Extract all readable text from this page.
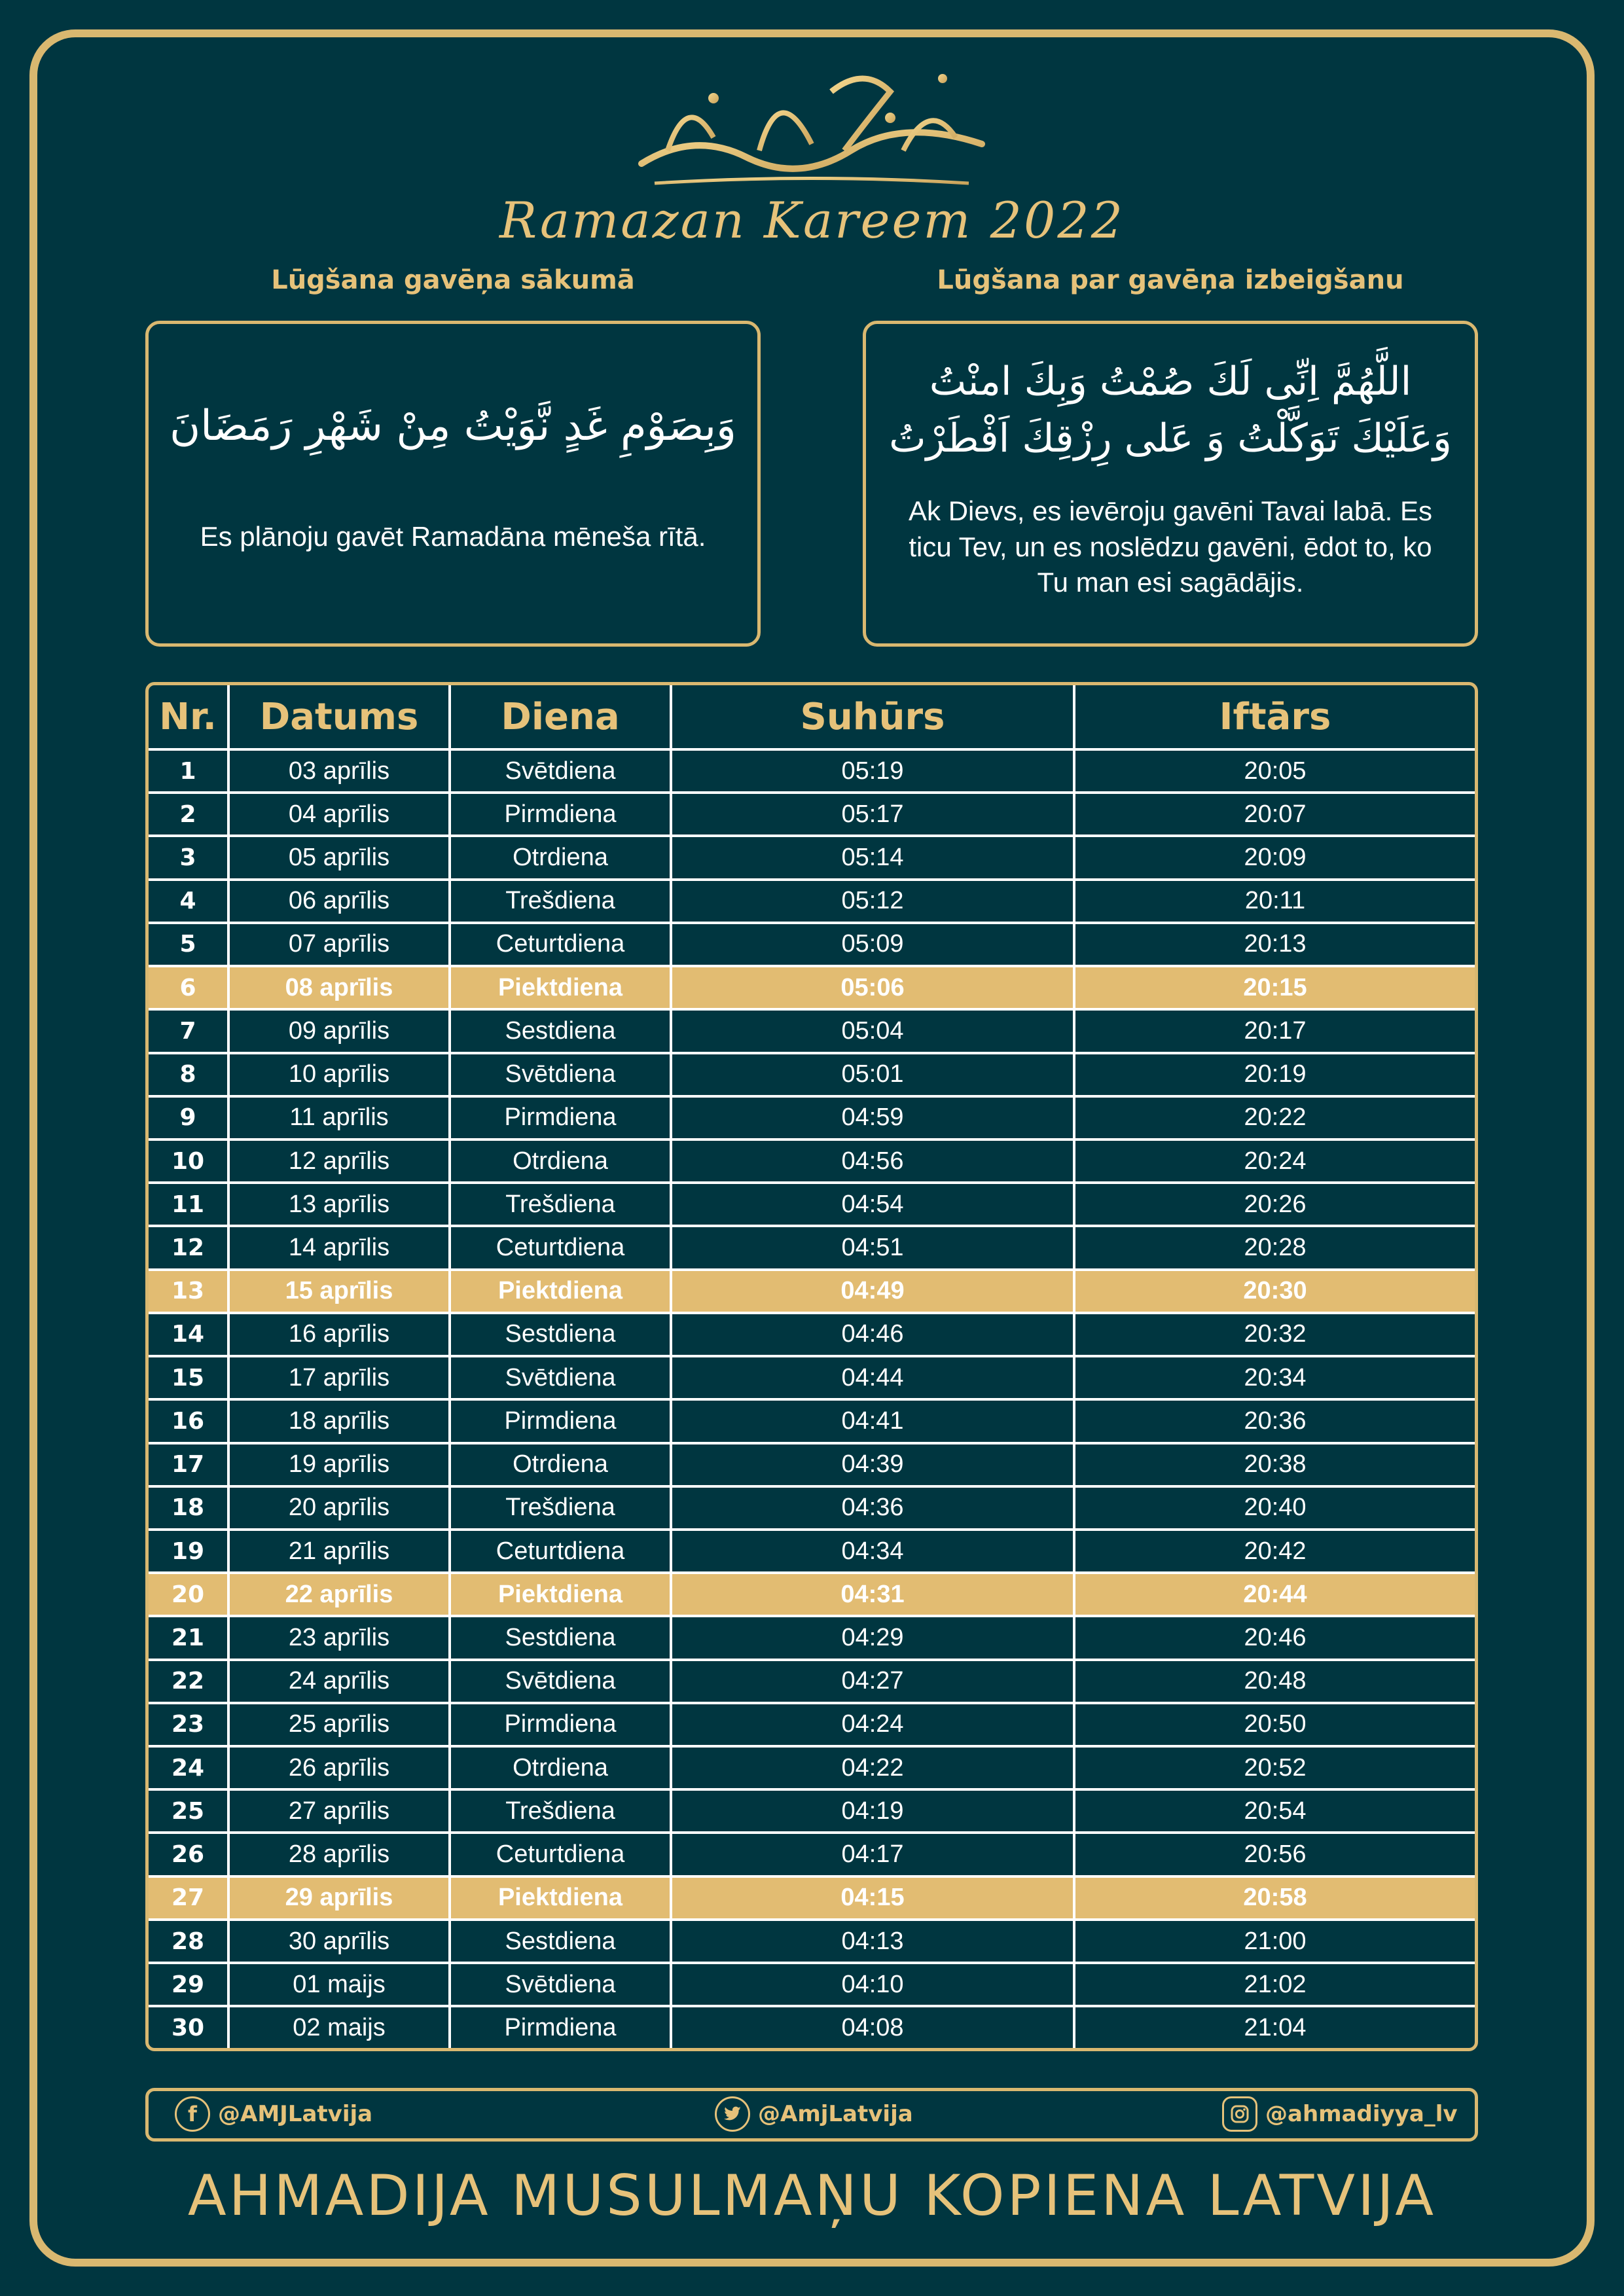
Ramazan Kareem 2022
Lūgšana gavēņa sākumā	Lūgšana par gavēņa izbeigšanu
وَبِصَوْمِ غَدٍ نَّوَيْتُ مِنْ شَهْرِ رَمَضَانَ
Es plānoju gavēt Ramadāna mēneša rītā.
اللَّهُمَّ اِنِّى لَكَ صُمْتُ وَبِكَ امنْتُ وَعَلَيْكَ تَوَكَّلْتُ وَ عَلى رِزْقِكَ اَفْطَرْتُ
Ak Dievs, es ievēroju gavēni Tavai labā. Es ticu Tev, un es noslēdzu gavēni, ēdot to, ko Tu man esi sagādājis.
Nr.	Datums	Diena	Suhūrs	Iftārs
1	03 aprīlis	Svētdiena	05:19	20:05
2	04 aprīlis	Pirmdiena	05:17	20:07
3	05 aprīlis	Otrdiena	05:14	20:09
4	06 aprīlis	Trešdiena	05:12	20:11
5	07 aprīlis	Ceturtdiena	05:09	20:13
6	08 aprīlis	Piektdiena	05:06	20:15
7	09 aprīlis	Sestdiena	05:04	20:17
8	10 aprīlis	Svētdiena	05:01	20:19
9	11 aprīlis	Pirmdiena	04:59	20:22
10	12 aprīlis	Otrdiena	04:56	20:24
11	13 aprīlis	Trešdiena	04:54	20:26
12	14 aprīlis	Ceturtdiena	04:51	20:28
13	15 aprīlis	Piektdiena	04:49	20:30
14	16 aprīlis	Sestdiena	04:46	20:32
15	17 aprīlis	Svētdiena	04:44	20:34
16	18 aprīlis	Pirmdiena	04:41	20:36
17	19 aprīlis	Otrdiena	04:39	20:38
18	20 aprīlis	Trešdiena	04:36	20:40
19	21 aprīlis	Ceturtdiena	04:34	20:42
20	22 aprīlis	Piektdiena	04:31	20:44
21	23 aprīlis	Sestdiena	04:29	20:46
22	24 aprīlis	Svētdiena	04:27	20:48
23	25 aprīlis	Pirmdiena	04:24	20:50
24	26 aprīlis	Otrdiena	04:22	20:52
25	27 aprīlis	Trešdiena	04:19	20:54
26	28 aprīlis	Ceturtdiena	04:17	20:56
27	29 aprīlis	Piektdiena	04:15	20:58
28	30 aprīlis	Sestdiena	04:13	21:00
29	01 maijs	Svētdiena	04:10	21:02
30	02 maijs	Pirmdiena	04:08	21:04
f @AMJLatvija	@AmjLatvija	@ahmadiyya_lv
AHMADIJA MUSULMAŅU KOPIENA LATVIJA
